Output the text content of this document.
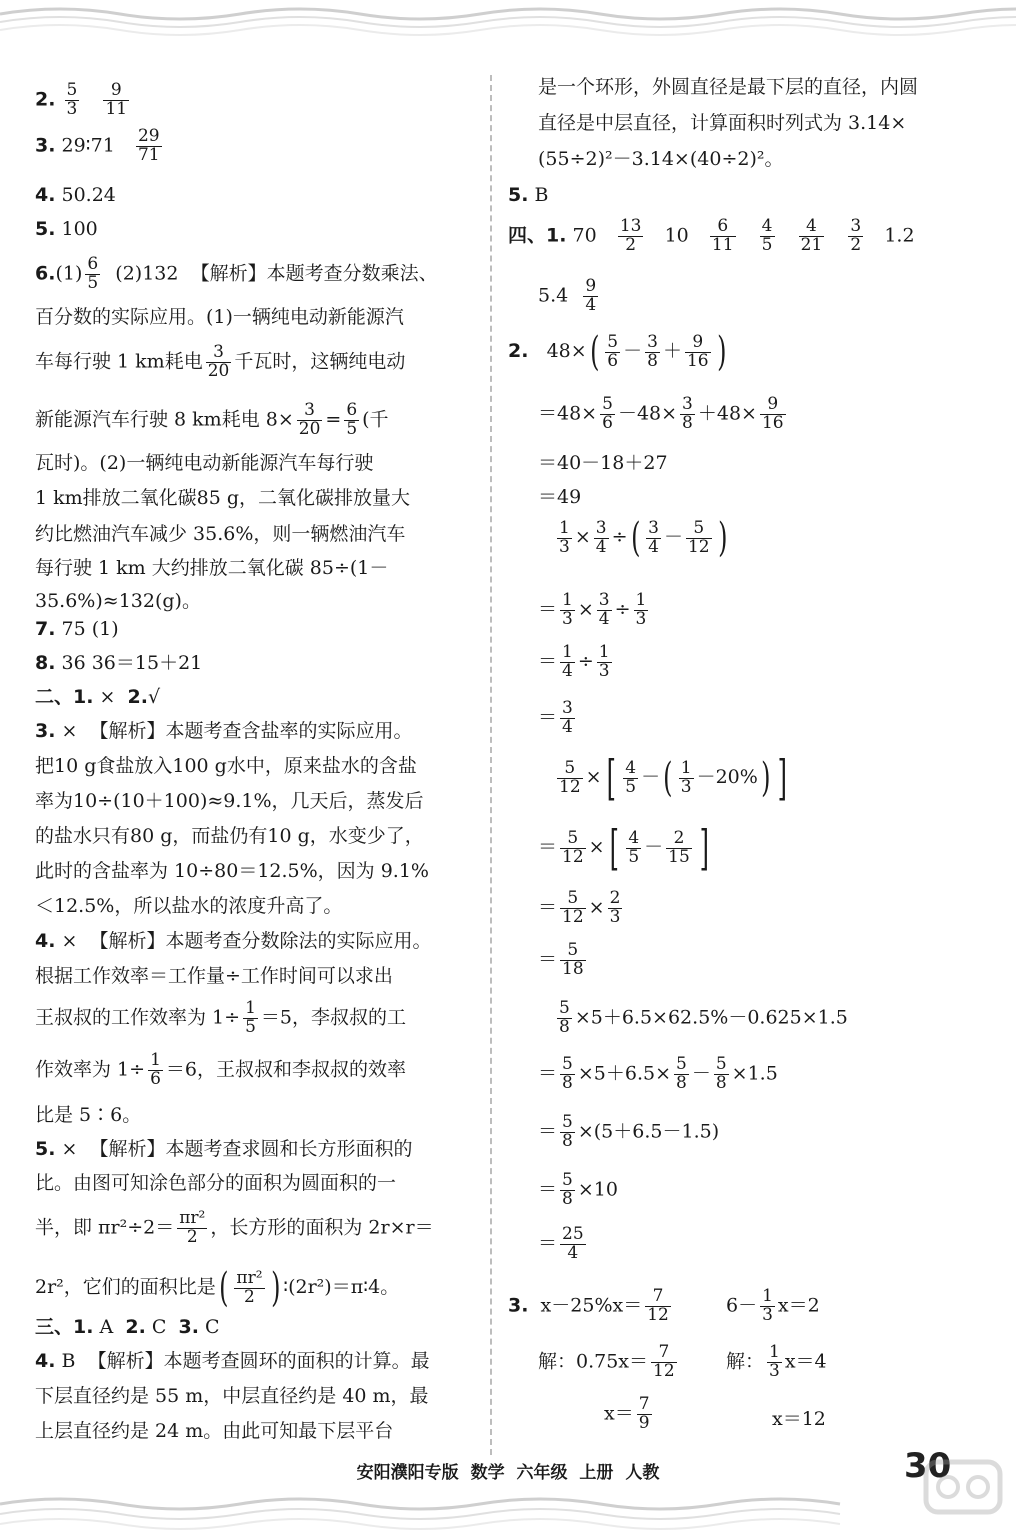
2. $\frac{5}{3}$
$\frac{9}{11}$
3. 29∶71 $\frac{29}{71}$
4. 50.24
5. 100
$6.(1) \frac{6}{5} (2)132$ 【解析】本题考查分数乘法、
百分数的实际应用。(1)一辆纯电动新能源汽
车每行驶 1 km耗电 $\frac{3}{20}$ 千瓦时，这辆纯电动
新能源汽车行驶 8 km耗电 $8\times \frac{3}{20} = \frac{6}{5}$ (千
瓦时)。(2)一辆纯电动新能源汽车每行驶
1 km排放二氧化碳85 g，二氧化碳排放量大
约比燃油汽车减少 35.6%，则一辆燃油汽车
每行驶 1 km 大约排放二氧化碳 85÷(1－
35.6%)≈132(g)。
7. 75 (1)
8. 36 36＝15＋21
二、1. × 2.√
3. × 【解析】本题考查含盐率的实际应用。
把10 g食盐放入100 g水中，原来盐水的含盐
率为10÷(10＋100)≈9.1%，几天后，蒸发后
的盐水只有80 g，而盐仍有10 g，水变少了，
此时的含盐率为 10÷80＝12.5%，因为 9.1%
＜12.5%，所以盐水的浓度升高了。
4. × 【解析】本题考查分数除法的实际应用。
根据工作效率＝工作量÷工作时间可以求出
王叔叔的工作效率为 $1\div \frac{1}{5} =5$，李叔叔的工
作效率为 $1\div \frac{1}{6} =6$，王叔叔和李叔叔的效率
比是 5∶6。
5. × 【解析】本题考查求圆和长方形面积的
比。由图可知涂色部分的面积为圆面积的一
半，即 $\pi r^2\div 2= \frac{\text{πr²}}{2}$ ，长方形的面积为 2r×r＝
2r²，它们的面积比是( $\frac{\text{πr²}}{2}$ ) ∶(2r²)＝π∶4。
三、1. A 2. C 3. C
4. B 【解析】本题考查圆环的面积的计算。最
下层直径约是 55 m，中层直径约是 40 m，最
上层直径约是 24 m。由此可知最下层平台
是一个环形，外圆直径是最下层的直径，内圆
直径是中层直径，计算面积时列式为 3.14×
(55÷2)²－3.14×(40÷2)²。
5. B
四、1. $70 \frac{13}{2} 10 \frac{6}{11}$
$\frac{4}{5}$
$\frac{4}{21}$
$\frac{3}{2} 1.2$
$5.4 \frac{9}{4}$
2. $48\times( \frac{5}{6} - \frac{3}{8} + \frac{9}{16}$ )
$=48\times \frac{5}{6} -48\times \frac{3}{8} +48\times \frac{9}{16}$
＝40－18＋27
＝49
$\frac{1}{3} \times \frac{3}{4}$ ÷( $\frac{3}{4} - \frac{5}{12}$ )
＝ $\frac{1}{3} \times \frac{3}{4} \div \frac{1}{3}$
＝ $\frac{1}{4} \div \frac{1}{3}$
＝ $\frac{3}{4}$
$\frac{5}{12}$ ×[ $\frac{4}{5}$ －( $\frac{1}{3} -20\%$) ]
＝ $\frac{5}{12}$ ×[ $\frac{4}{5} - \frac{2}{15}$ ]
＝ $\frac{5}{12} \times \frac{2}{3}$
＝ $\frac{5}{18}$
$\frac{5}{8} \times 5+6.5\times 62.5\%-0.625\times 1.5$
＝ $\frac{5}{8} \times 5+6.5\times \frac{5}{8} - \frac{5}{8} \times 1.5$
＝ $\frac{5}{8} \times(5+6.5-1.5)$
＝ $\frac{5}{8} \times 10$
＝ $\frac{25}{4}$
3. $x-25\%x= \frac{7}{12}$	$6- \frac{1}{3} x=2$
解：$0.75x= \frac{7}{12}$	解： $\frac{1}{3} x=4$
$x= \frac{7}{9}$	x＝12
安阳濮阳专版 数学 六年级 上册 人教	30
